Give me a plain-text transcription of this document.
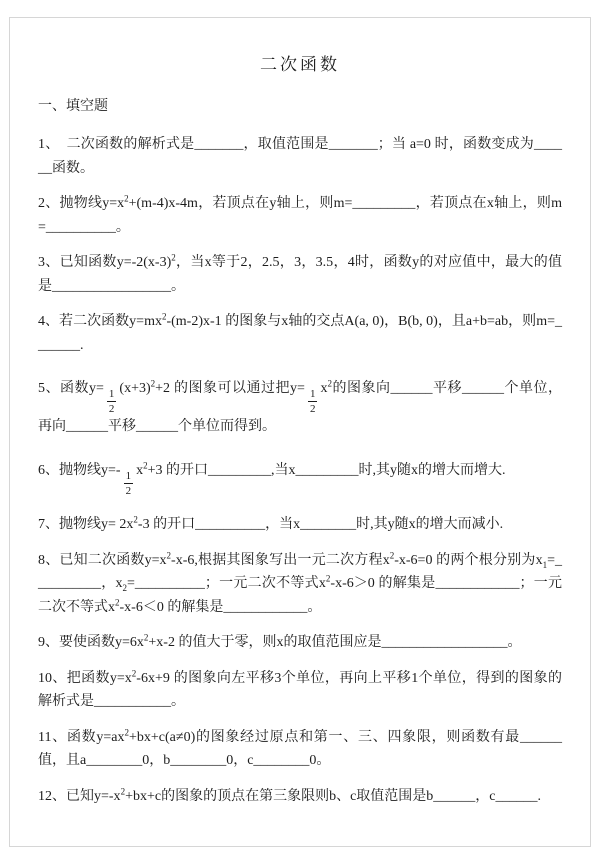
二次函数
一、填空题

1、　二次函数的解析式是_______，取值范围是_______；当 a=0 时，函数变成为______函数。

2、抛物线$y=x^2+(m-4)x-4m$，若顶点在y轴上，则m=_________，若顶点在x轴上，则m=__________。

3、已知函数$y=-2(x-3)^2$，当x等于2，2.5，3，3.5，4时，函数y的对应值中，最大的值是_________________。

4、若二次函数$y=mx^2-(m-2)x-1$ 的图象与x轴的交点A(a, 0)，B(b, 0)，且a+b=ab，则m=_______.

5、函数$y= \frac{1}{2} (x+3)^2+2$ 的图象可以通过把$y= \frac{1}{2} x^2$的图象向______平移______个单位，再向______平移______个单位而得到。

6、抛物线$y=- \frac{1}{2} x^2+3$ 的开口_________,当x_________时,其y随x的增大而增大.

7、抛物线$y= 2x^2-3$ 的开口__________，当x________时,其y随x的增大而减小.

8、已知二次函数$y=x^2-x-6$,根据其图象写出一元二次方程$x^2-x-6=0$ 的两个根分别为$x_1=\_\_\_\_\_\_\_\_\_\_$，$x_2=\_\_\_\_\_\_\_\_\_\_$；一元二次不等式$x^2-x-6>0$ 的解集是____________；一元二次不等式$x^2-x-6<0$ 的解集是____________。

9、要使函数$y=6x^2+x-2$ 的值大于零，则x的取值范围应是__________________。

10、把函数$y=x^2-6x+9$ 的图象向左平移3个单位，再向上平移1个单位，得到的图象的解析式是___________。

11、函数$y=ax^2+bx+c(a\ne 0)$的图象经过原点和第一、三、四象限，则函数有最______值，且a________0，b________0，c________0。

12、已知$y=-x^2+bx+c$的图象的顶点在第三象限则b、c取值范围是b______，c______.
